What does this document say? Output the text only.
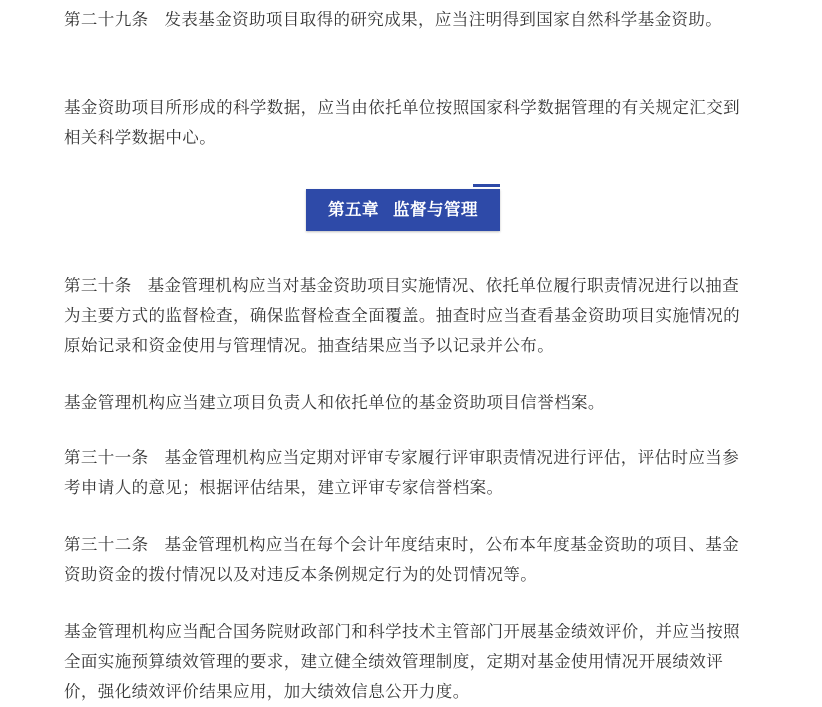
第二十九条 发表基金资助项目取得的研究成果，应当注明得到国家自然科学基金资助。

基金资助项目所形成的科学数据，应当由依托单位按照国家科学数据管理的有关规定汇交到相关科学数据中心。

第五章 监督与管理

第三十条 基金管理机构应当对基金资助项目实施情况、依托单位履行职责情况进行以抽查为主要方式的监督检查，确保监督检查全面覆盖。抽查时应当查看基金资助项目实施情况的原始记录和资金使用与管理情况。抽查结果应当予以记录并公布。

基金管理机构应当建立项目负责人和依托单位的基金资助项目信誉档案。

第三十一条 基金管理机构应当定期对评审专家履行评审职责情况进行评估，评估时应当参考申请人的意见；根据评估结果，建立评审专家信誉档案。

第三十二条 基金管理机构应当在每个会计年度结束时，公布本年度基金资助的项目、基金资助资金的拨付情况以及对违反本条例规定行为的处罚情况等。

基金管理机构应当配合国务院财政部门和科学技术主管部门开展基金绩效评价，并应当按照全面实施预算绩效管理的要求，建立健全绩效管理制度，定期对基金使用情况开展绩效评价，强化绩效评价结果应用，加大绩效信息公开力度。
